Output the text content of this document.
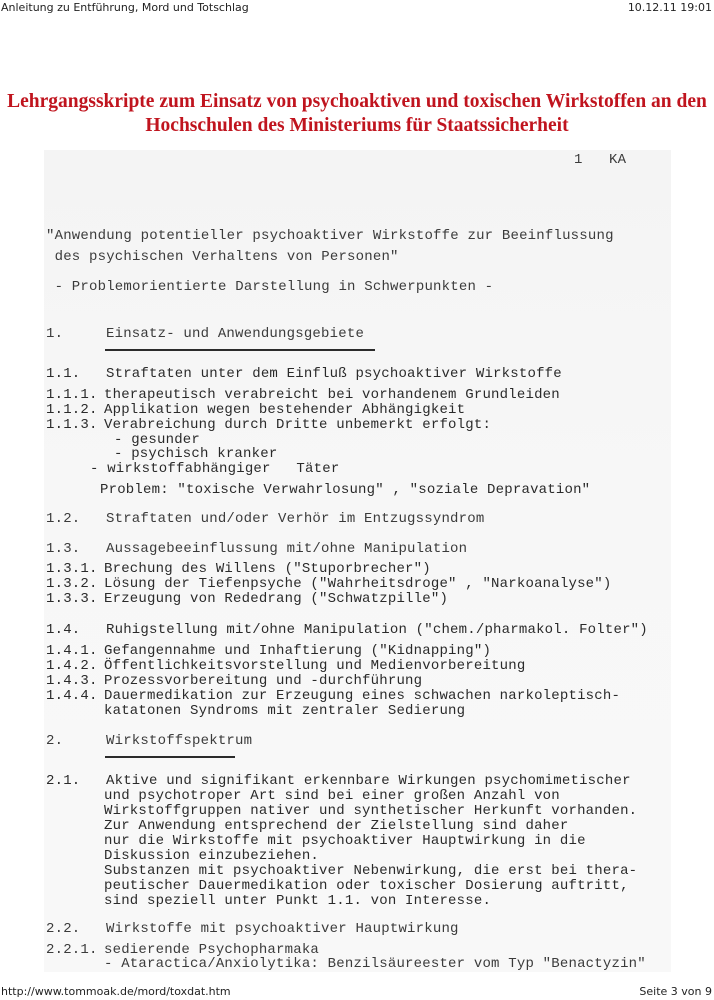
Anleitung zu Entführung, Mord und Totschlag	10.12.11 19:01
Lehrgangsskripte zum Einsatz von psychoaktiven und toxischen Wirkstoffen an den
Hochschulen des Ministeriums für Staatssicherheit
1 KA
"Anwendung potentieller psychoaktiver Wirkstoffe zur Beeinflussung
des psychischen Verhaltens von Personen"
- Problemorientierte Darstellung in Schwerpunkten -
1.	Einsatz- und Anwendungsgebiete
1.1. Straftaten unter dem Einfluß psychoaktiver Wirkstoffe
1.1.1. therapeutisch verabreicht bei vorhandenem Grundleiden
1.1.2. Applikation wegen bestehender Abhängigkeit
1.1.3. Verabreichung durch Dritte unbemerkt erfolgt:
- gesunder
- psychisch kranker
- wirkstoffabhängiger   Täter
Problem: "toxische Verwahrlosung" , "soziale Depravation"
1.2. Straftaten und/oder Verhör im Entzugssyndrom
1.3. Aussagebeeinflussung mit/ohne Manipulation
1.3.1. Brechung des Willens ("Stuporbrecher")
1.3.2. Lösung der Tiefenpsyche ("Wahrheitsdroge" , "Narkoanalyse")
1.3.3. Erzeugung von Rededrang ("Schwatzpille")
1.4. Ruhigstellung mit/ohne Manipulation ("chem./pharmakol. Folter")
1.4.1. Gefangennahme und Inhaftierung ("Kidnapping")
1.4.2. Öffentlichkeitsvorstellung und Medienvorbereitung
1.4.3. Prozessvorbereitung und -durchführung
1.4.4. Dauermedikation zur Erzeugung eines schwachen narkoleptisch-
katatonen Syndroms mit zentraler Sedierung
2.	Wirkstoffspektrum
2.1. Aktive und signifikant erkennbare Wirkungen psychomimetischer
und psychotroper Art sind bei einer großen Anzahl von
Wirkstoffgruppen nativer und synthetischer Herkunft vorhanden.
Zur Anwendung entsprechend der Zielstellung sind daher
nur die Wirkstoffe mit psychoaktiver Hauptwirkung in die
Diskussion einzubeziehen.
Substanzen mit psychoaktiver Nebenwirkung, die erst bei thera-
peutischer Dauermedikation oder toxischer Dosierung auftritt,
sind speziell unter Punkt 1.1. von Interesse.
2.2. Wirkstoffe mit psychoaktiver Hauptwirkung
2.2.1. sedierende Psychopharmaka
- Ataractica/Anxiolytika: Benzilsäureester vom Typ "Benactyzin"
http://www.tommoak.de/mord/toxdat.htm	Seite 3 von 9
